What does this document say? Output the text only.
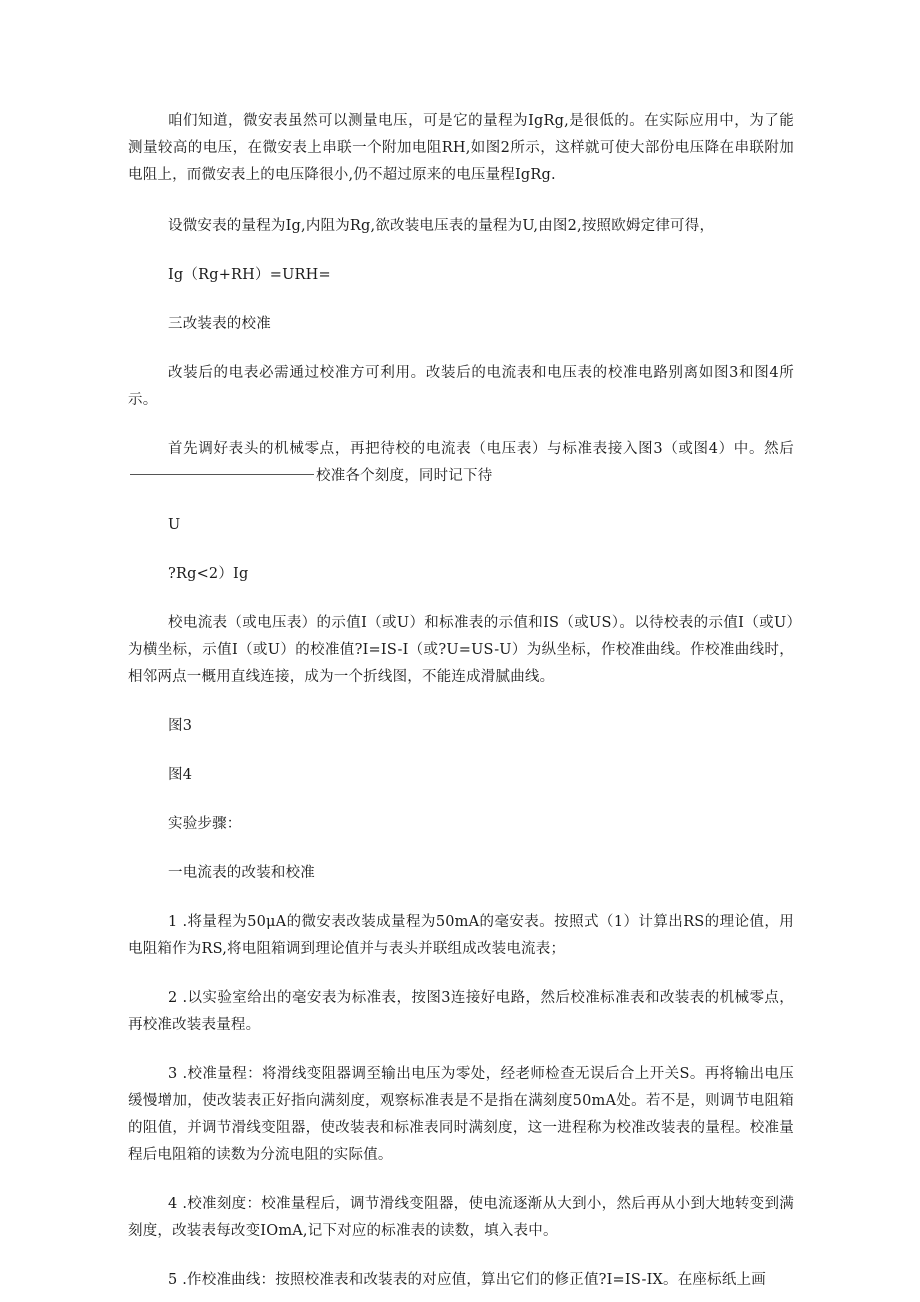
咱们知道，微安表虽然可以测量电压，可是它的量程为IgRg,是很低的。在实际应用中，为了能测量较高的电压，在微安表上串联一个附加电阻RH,如图2所示，这样就可使大部份电压降在串联附加电阻上，而微安表上的电压降很小,仍不超过原来的电压量程IgRg.

设微安表的量程为Ig,内阻为Rg,欲改装电压表的量程为U,由图2,按照欧姆定律可得，

Ig（Rg+RH）=URH=

三改装表的校准

改装后的电表必需通过校准方可利用。改装后的电流表和电压表的校准电路别离如图3和图4所示。

首先调好表头的机械零点，再把待校的电流表（电压表）与标准表接入图3（或图4）中。然后校准各个刻度，同时记下待

U

?Rg<2）Ig

校电流表（或电压表）的示值I（或U）和标准表的示值和IS（或US）。以待校表的示值I（或U）为横坐标，示值I（或U）的校准值?I=IS-I（或?U=US-U）为纵坐标，作校准曲线。作校准曲线时，相邻两点一概用直线连接，成为一个折线图，不能连成滑腻曲线。

图3

图4

实验步骤：

一电流表的改装和校准

1 .将量程为50μA的微安表改装成量程为50mA的毫安表。按照式（1）计算出RS的理论值，用电阻箱作为RS,将电阻箱调到理论值并与表头并联组成改装电流表；

2 .以实验室给出的毫安表为标准表，按图3连接好电路，然后校准标准表和改装表的机械零点，再校准改装表量程。

3 .校准量程：将滑线变阻器调至输出电压为零处，经老师检查无误后合上开关S。再将输出电压缓慢增加，使改装表正好指向满刻度，观察标准表是不是指在满刻度50mA处。若不是，则调节电阻箱的阻值，并调节滑线变阻器，使改装表和标准表同时满刻度，这一进程称为校准改装表的量程。校准量程后电阻箱的读数为分流电阻的实际值。

4 .校准刻度：校准量程后，调节滑线变阻器，使电流逐渐从大到小，然后再从小到大地转变到满刻度，改装表每改变IOmA,记下对应的标准表的读数，填入表中。

5 .作校准曲线：按照校准表和改装表的对应值，算出它们的修正值?I=IS-IX。在座标纸上画
